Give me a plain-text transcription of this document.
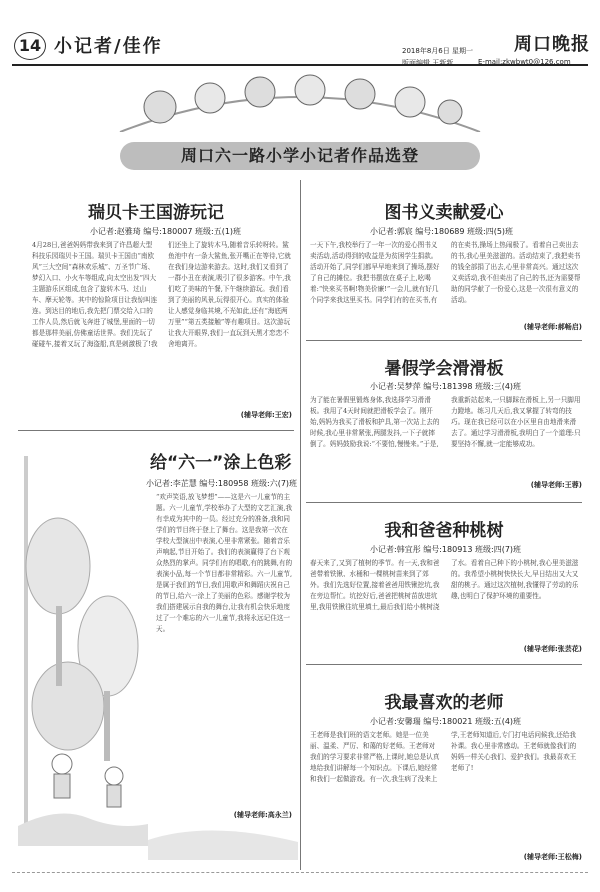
14 小记者/佳作	2018年8月6日 星期一 周口晚报
版面编辑 王新新	E-mail:zkwbwt0@126.com
周口六一路小学小记者作品选登
瑞贝卡王国游玩记
小记者:赵雅琦 编号:180007 班级:五(1)班
4月28日,爸爸妈妈带我来到了许昌超大型科技乐园瑞贝卡王国。瑞贝卡王国由“南欧风”三大空间“森林欢乐城”、万圣节广场、梦幻入口、小火车等组成,向太空出发”四大主题游乐区组成,包含了旋转木马、过山车、摩天轮等。其中的惊险项目让我惊叫连连。到达目的地后,我先把门票交给入口的工作人员,然后就飞奔进了城堡,里面的一切都是那样美丽,仿佛童话世界。我们先玩了碰碰车,接着又玩了海盗船,真是刺激极了!我们还坐上了旋转木马,随着音乐转呀转。鲨鱼池中有一条大鲨鱼,张开嘴正在等待,它就在我们身边游来游去。这时,我们又看到了一群小丑在表演,吸引了很多游客。中午,我们吃了美味的午餐,下午继续游玩。我们看到了美丽的风景,玩得很开心。真实的体验让人感觉身临其境,不光如此,还有“海底两万里”“第五类接触”等有趣项目。这次游玩让我大开眼界,我们一直玩到天黑才恋恋不舍地离开。
(辅导老师:王宏)
图书义卖献爱心
小记者:郭宸 编号:180689 班级:四(5)班
一天下午,我校举行了一年一次的爱心图书义卖活动,活动得到的收益是为贫困学生捐款。活动开始了,同学们都早早地来到了操场,摆好了自己的摊位。我把书摆放在桌子上,吆喝着:“快来买书啊!物美价廉!”一会儿,就有好几个同学来我这里买书。同学们有的在买书,有的在卖书,操场上热闹极了。看着自己卖出去的书,我心里美滋滋的。活动结束了,我把卖书的钱全部捐了出去,心里非常高兴。通过这次义卖活动,我不但卖出了自己的书,还为需要帮助的同学献了一份爱心,这是一次很有意义的活动。
(辅导老师:郝畅启)
暑假学会滑滑板
小记者:吴梦萍 编号:181398 班级:三(4)班
为了能在暑假里锻炼身体,我选择学习滑滑板。我用了4天时间就把滑板学会了。刚开始,妈妈为我买了滑板和护具,第一次站上去的时候,我心里非常紧张,两腿发抖,一下子就摔倒了。妈妈鼓励我说:“不要怕,慢慢来。”于是,我重新站起来,一只脚踩在滑板上,另一只脚用力蹬地。练习几天后,我又掌握了转弯的技巧。现在我已经可以在小区里自由地滑来滑去了。通过学习滑滑板,我明白了一个道理:只要坚持不懈,就一定能够成功。
(辅导老师:王蓉)
给“六一”涂上色彩
小记者:李芷慧 编号:180958 班级:六(7)班
“欢声笑语,放飞梦想”——这是六一儿童节的主题。六一儿童节,学校举办了大型的文艺汇演,我有幸成为其中的一员。经过充分的准备,我和同学们的节目终于登上了舞台。这是我第一次在学校大型演出中表演,心里非常紧张。随着音乐声响起,节目开始了。我们的表演赢得了台下观众热烈的掌声。同学们有的唱歌,有的跳舞,有的表演小品,每一个节目都非常精彩。六一儿童节,是属于我们的节日,我们用歌声和舞蹈庆祝自己的节日,给六一涂上了美丽的色彩。感谢学校为我们搭建展示自我的舞台,让我有机会快乐地度过了一个难忘的六一儿童节,我将永远记住这一天。
(辅导老师:高永兰)
我和爸爸种桃树
小记者:韩宜彤 编号:180913 班级:四(7)班
春天来了,又到了植树的季节。有一天,我和爸爸带着铁锹、水桶和一棵桃树苗来到了郊外。我们先选好位置,接着爸爸用铁锹挖坑,我在旁边帮忙。坑挖好后,爸爸把桃树苗放进坑里,我用铁锹往坑里填土,最后我们给小桃树浇了水。看着自己种下的小桃树,我心里美滋滋的。我希望小桃树快快长大,早日结出又大又甜的桃子。通过这次植树,我懂得了劳动的乐趣,也明白了保护环境的重要性。
(辅导老师:张芸花)
我最喜欢的老师
小记者:安馨瑞 编号:180021 班级:五(4)班
王老师是我们班的语文老师。她是一位美丽、温柔、严厉、和蔼的好老师。王老师对我们的学习要求非常严格,上课时,她总是认真地给我们讲解每一个知识点。下课后,她经常和我们一起做游戏。有一次,我生病了没来上学,王老师知道后,专门打电话问候我,还给我补课。我心里非常感动。王老师就像我们的妈妈一样关心我们、爱护我们。我最喜欢王老师了!
(辅导老师:王松梅)
